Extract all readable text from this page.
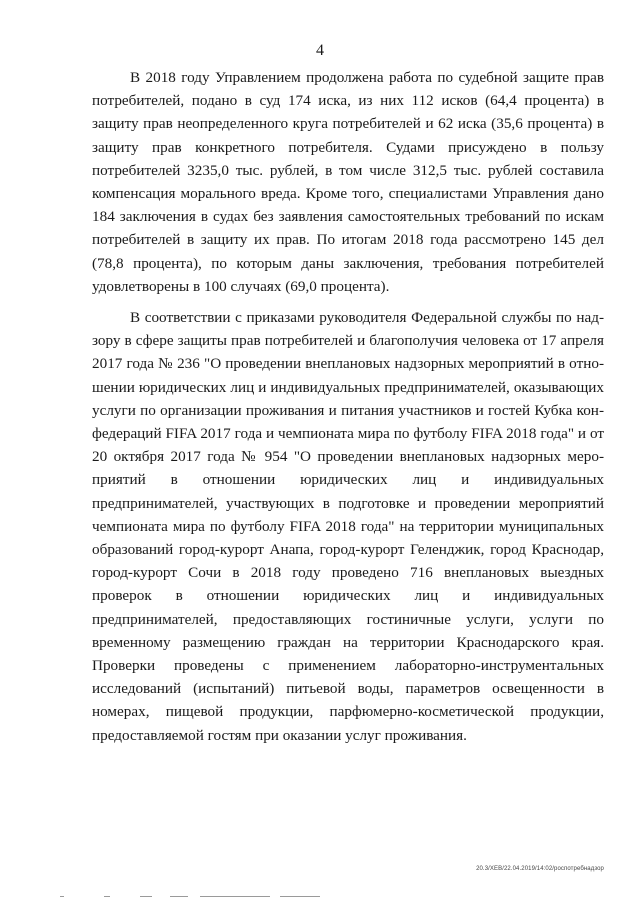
4

В 2018 году Управлением продолжена работа по судебной защите прав потребителей, подано в суд 174 иска, из них 112 исков (64,4 процента) в защиту прав неопределенного круга потребителей и 62 иска (35,6 процента) в защиту прав конкретного потребителя. Судами присуждено в пользу потребителей 3235,0 тыс. рублей, в том числе 312,5 тыс. рублей составила компенсация морального вреда. Кроме того, специалистами Управления дано 184 заключения в судах без заявления самостоятельных требований по искам потребителей в защиту их прав. По итогам 2018 года рассмотрено 145 дел (78,8 процента), по которым даны заключения, требования потребителей удовлетворены в 100 случаях (69,0 процента).

В соответствии с приказами руководителя Федеральной службы по надзору в сфере защиты прав потребителей и благополучия человека от 17 апреля 2017 года № 236 "О проведении внеплановых надзорных мероприятий в отношении юридических лиц и индивидуальных предпринимателей, оказывающих услуги по организации проживания и питания участников и гостей Кубка конфедераций FIFA 2017 года и чемпионата мира по футболу FIFA 2018 года" и от 20 октября 2017 года № 954 "О проведении внеплановых надзорных мероприятий в отношении юридических лиц и индивидуальных предпринимателей, участвующих в подготовке и проведении мероприятий чемпионата мира по футболу FIFA 2018 года" на территории муниципальных образований город-курорт Анапа, город-курорт Геленджик, город Краснодар, город-курорт Сочи в 2018 году проведено 716 внеплановых выездных проверок в отношении юридических лиц и индивидуальных предпринимателей, предоставляющих гостиничные услуги, услуги по временному размещению граждан на территории Краснодарского края. Проверки проведены с применением лабораторно-инструментальных исследований (испытаний) питьевой воды, параметров освещенности в номерах, пищевой продукции, парфюмерно-косметической продукции, предоставляемой гостям при оказании услуг проживания.

20.3/XEB/22.04.2019/14:02/роспотребнадзор
